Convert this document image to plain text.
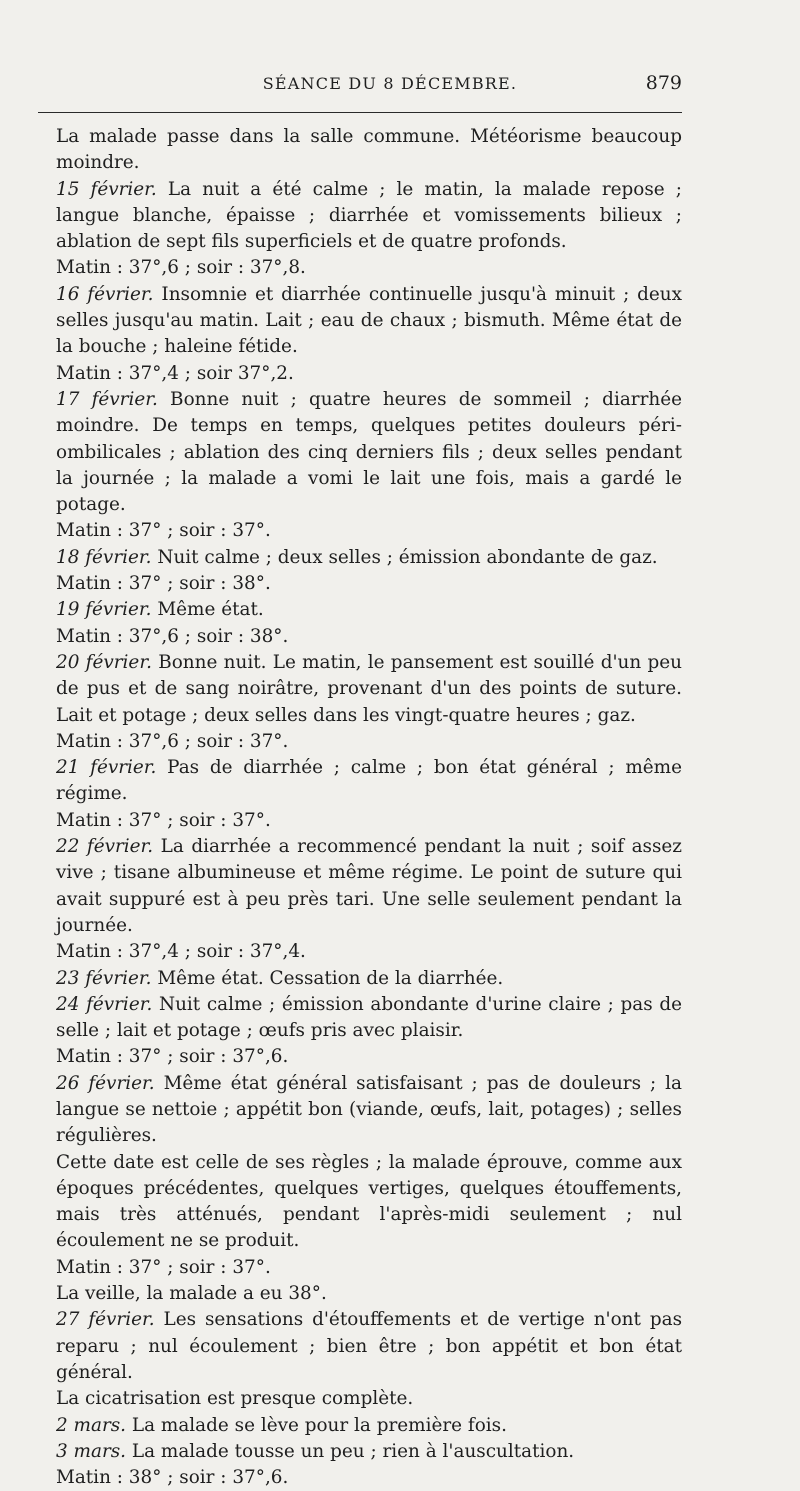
SÉANCE DU 8 DÉCEMBRE.	879

La malade passe dans la salle commune. Météorisme beaucoup moindre.

15 février. La nuit a été calme ; le matin, la malade repose ; langue blanche, épaisse ; diarrhée et vomissements bilieux ; ablation de sept fils superficiels et de quatre profonds.

Matin : 37°,6 ; soir : 37°,8.

16 février. Insomnie et diarrhée continuelle jusqu'à minuit ; deux selles jusqu'au matin. Lait ; eau de chaux ; bismuth. Même état de la bouche ; haleine fétide.

Matin : 37°,4 ; soir 37°,2.

17 février. Bonne nuit ; quatre heures de sommeil ; diarrhée moindre. De temps en temps, quelques petites douleurs péri-ombilicales ; ablation des cinq derniers fils ; deux selles pendant la journée ; la malade a vomi le lait une fois, mais a gardé le potage.

Matin : 37° ; soir : 37°.

18 février. Nuit calme ; deux selles ; émission abondante de gaz.

Matin : 37° ; soir : 38°.

19 février. Même état.

Matin : 37°,6 ; soir : 38°.

20 février. Bonne nuit. Le matin, le pansement est souillé d'un peu de pus et de sang noirâtre, provenant d'un des points de suture. Lait et potage ; deux selles dans les vingt-quatre heures ; gaz.

Matin : 37°,6 ; soir : 37°.

21 février. Pas de diarrhée ; calme ; bon état général ; même régime.

Matin : 37° ; soir : 37°.

22 février. La diarrhée a recommencé pendant la nuit ; soif assez vive ; tisane albumineuse et même régime. Le point de suture qui avait suppuré est à peu près tari. Une selle seulement pendant la journée.

Matin : 37°,4 ; soir : 37°,4.

23 février. Même état. Cessation de la diarrhée.

24 février. Nuit calme ; émission abondante d'urine claire ; pas de selle ; lait et potage ; œufs pris avec plaisir.

Matin : 37° ; soir : 37°,6.

26 février. Même état général satisfaisant ; pas de douleurs ; la langue se nettoie ; appétit bon (viande, œufs, lait, potages) ; selles régulières.

Cette date est celle de ses règles ; la malade éprouve, comme aux époques précédentes, quelques vertiges, quelques étouffements, mais très atténués, pendant l'après-midi seulement ; nul écoulement ne se produit.

Matin : 37° ; soir : 37°.

La veille, la malade a eu 38°.

27 février. Les sensations d'étouffements et de vertige n'ont pas reparu ; nul écoulement ; bien être ; bon appétit et bon état général.

La cicatrisation est presque complète.

2 mars. La malade se lève pour la première fois.

3 mars. La malade tousse un peu ; rien à l'auscultation.

Matin : 38° ; soir : 37°,6.
